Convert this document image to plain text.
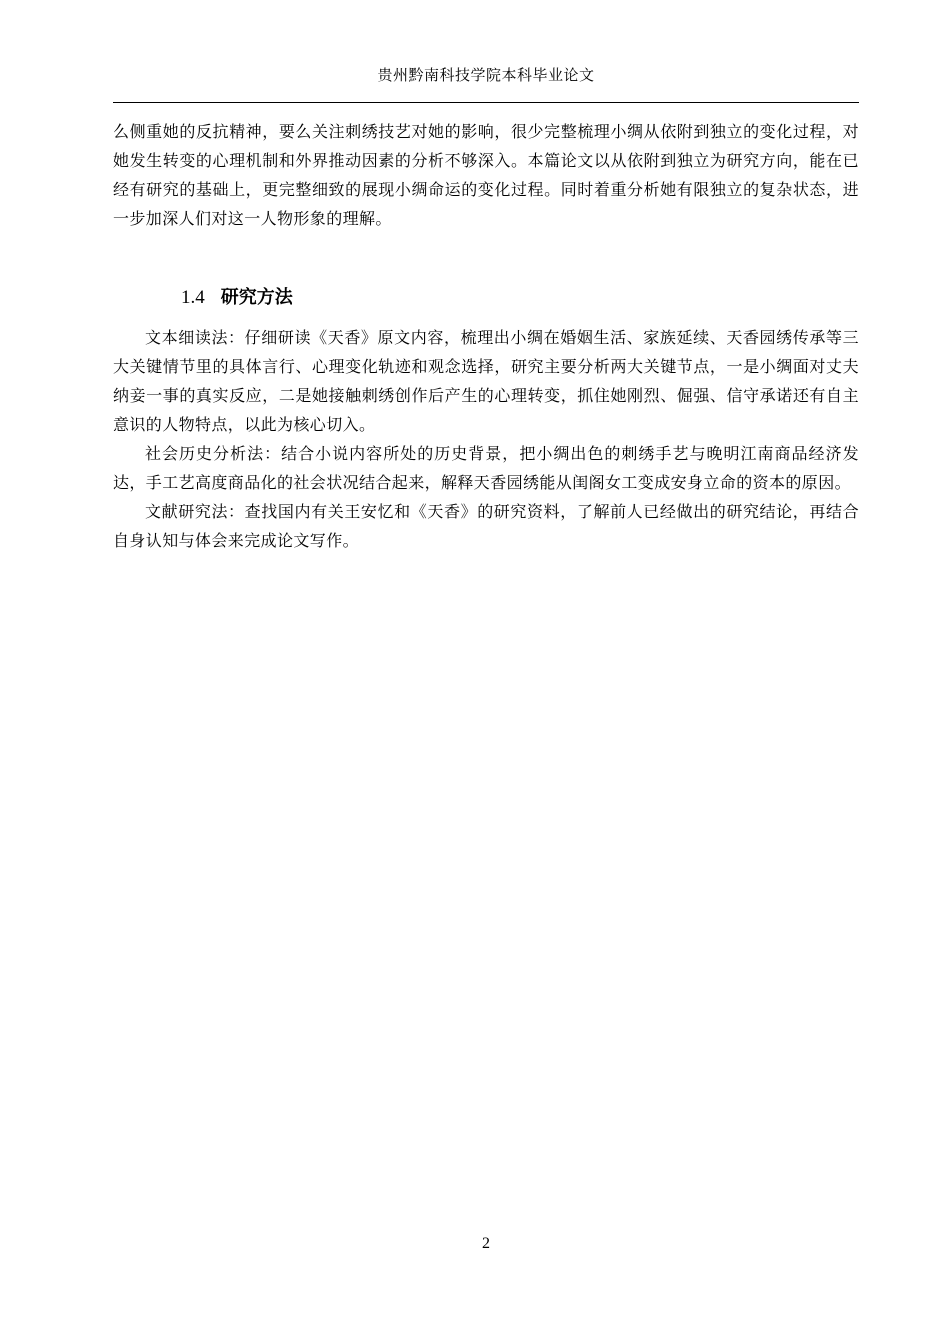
贵州黔南科技学院本科毕业论文

么侧重她的反抗精神，要么关注刺绣技艺对她的影响，很少完整梳理小绸从依附到独立的变化过程，对她发生转变的心理机制和外界推动因素的分析不够深入。本篇论文以从依附到独立为研究方向，能在已经有研究的基础上，更完整细致的展现小绸命运的变化过程。同时着重分析她有限独立的复杂状态，进一步加深人们对这一人物形象的理解。

1.4 研究方法

文本细读法：仔细研读《天香》原文内容，梳理出小绸在婚姻生活、家族延续、天香园绣传承等三大关键情节里的具体言行、心理变化轨迹和观念选择，研究主要分析两大关键节点，一是小绸面对丈夫纳妾一事的真实反应，二是她接触刺绣创作后产生的心理转变，抓住她刚烈、倔强、信守承诺还有自主意识的人物特点，以此为核心切入。

社会历史分析法：结合小说内容所处的历史背景，把小绸出色的刺绣手艺与晚明江南商品经济发达，手工艺高度商品化的社会状况结合起来，解释天香园绣能从闺阁女工变成安身立命的资本的原因。

文献研究法：查找国内有关王安忆和《天香》的研究资料，了解前人已经做出的研究结论，再结合自身认知与体会来完成论文写作。

2
